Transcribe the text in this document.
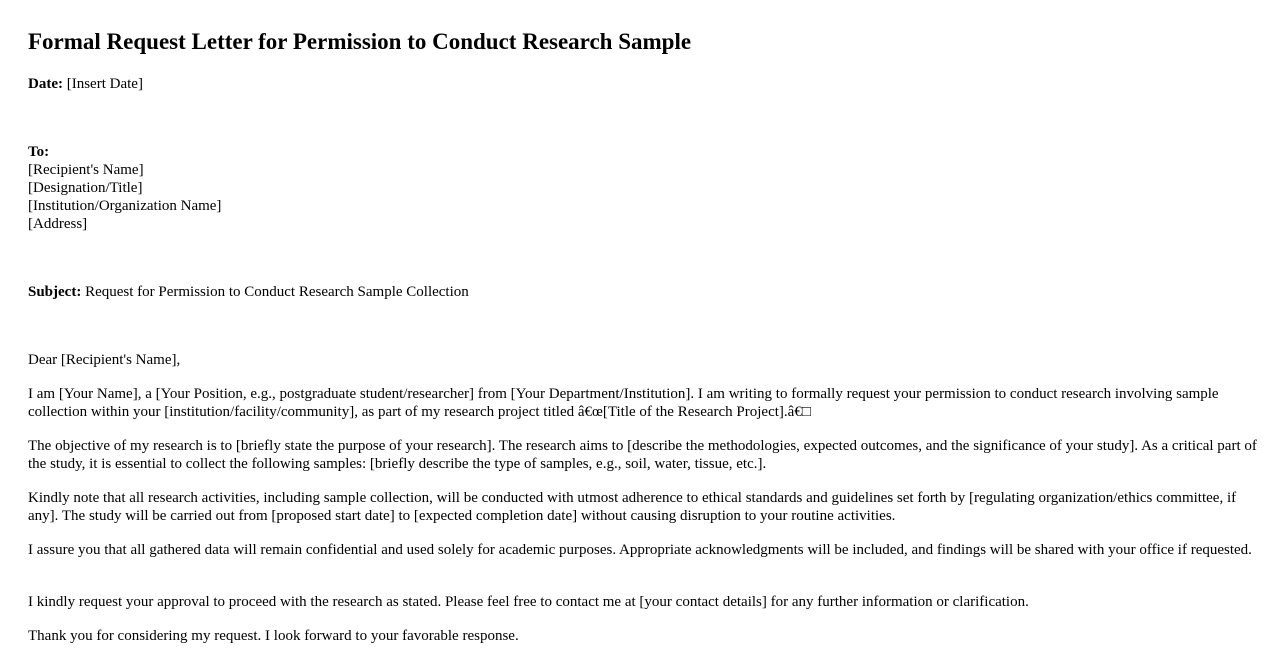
Formal Request Letter for Permission to Conduct Research Sample
Date: [Insert Date]
To:
[Recipient's Name]
[Designation/Title]
[Institution/Organization Name]
[Address]
Subject: Request for Permission to Conduct Research Sample Collection

Dear [Recipient's Name],

I am [Your Name], a [Your Position, e.g., postgraduate student/researcher] from [Your Department/Institution]. I am writing to formally request your permission to conduct research involving sample collection within your [institution/facility/community], as part of my research project titled â€œ[Title of the Research Project].â€□

The objective of my research is to [briefly state the purpose of your research]. The research aims to [describe the methodologies, expected outcomes, and the significance of your study]. As a critical part of the study, it is essential to collect the following samples: [briefly describe the type of samples, e.g., soil, water, tissue, etc.].

Kindly note that all research activities, including sample collection, will be conducted with utmost adherence to ethical standards and guidelines set forth by [regulating organization/ethics committee, if any]. The study will be carried out from [proposed start date] to [expected completion date] without causing disruption to your routine activities.

I assure you that all gathered data will remain confidential and used solely for academic purposes. Appropriate acknowledgments will be included, and findings will be shared with your office if requested.

I kindly request your approval to proceed with the research as stated. Please feel free to contact me at [your contact details] for any further information or clarification.

Thank you for considering my request. I look forward to your favorable response.
